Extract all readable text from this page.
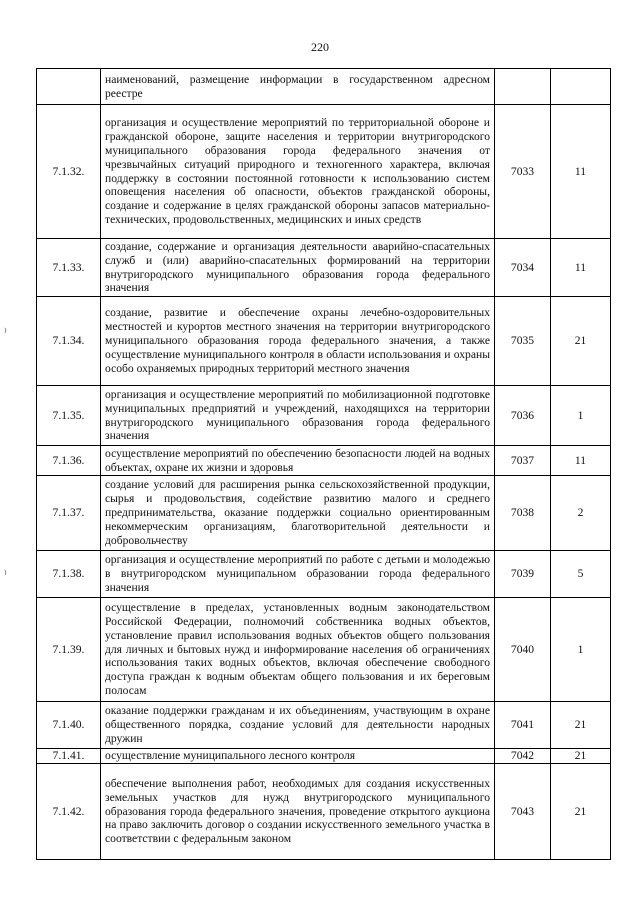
220
	наименований, размещение информации в государственном адресном реестре		
7.1.32.	организация и осуществление мероприятий по территориальной обороне и гражданской обороне, защите населения и территории внутригородского муниципального образования города федерального значения от чрезвычайных ситуаций природного и техногенного характера, включая поддержку в состоянии постоянной готовности к использованию систем оповещения населения об опасности, объектов гражданской обороны, создание и содержание в целях гражданской обороны запасов материально-технических, продовольственных, медицинских и иных средств	7033	11
7.1.33.	создание, содержание и организация деятельности аварийно-спасательных служб и (или) аварийно-спасательных формирований на территории внутригородского муниципального образования города федерального значения	7034	11
7.1.34.	создание, развитие и обеспечение охраны лечебно-оздоровительных местностей и курортов местного значения на территории внутригородского муниципального образования города федерального значения, а также осуществление муниципального контроля в области использования и охраны особо охраняемых природных территорий местного значения	7035	21
7.1.35.	организация и осуществление мероприятий по мобилизационной подготовке муниципальных предприятий и учреждений, находящихся на территории внутригородского муниципального образования города федерального значения	7036	1
7.1.36.	осуществление мероприятий по обеспечению безопасности людей на водных объектах, охране их жизни и здоровья	7037	11
7.1.37.	создание условий для расширения рынка сельскохозяйственной продукции, сырья и продовольствия, содействие развитию малого и среднего предпринимательства, оказание поддержки социально ориентированным некоммерческим организациям, благотворительной деятельности и добровольчеству	7038	2
7.1.38.	организация и осуществление мероприятий по работе с детьми и молодежью в внутригородском муниципальном образовании города федерального значения	7039	5
7.1.39.	осуществление в пределах, установленных водным законодательством Российской Федерации, полномочий собственника водных объектов, установление правил использования водных объектов общего пользования для личных и бытовых нужд и информирование населения об ограничениях использования таких водных объектов, включая обеспечение свободного доступа граждан к водным объектам общего пользования и их береговым полосам	7040	1
7.1.40.	оказание поддержки гражданам и их объединениям, участвующим в охране общественного порядка, создание условий для деятельности народных дружин	7041	21
7.1.41.	осуществление муниципального лесного контроля	7042	21
7.1.42.	обеспечение выполнения работ, необходимых для создания искусственных земельных участков для нужд внутригородского муниципального образования города федерального значения, проведение открытого аукциона на право заключить договор о создании искусственного земельного участка в соответствии с федеральным законом	7043	21
⁾
⁾
